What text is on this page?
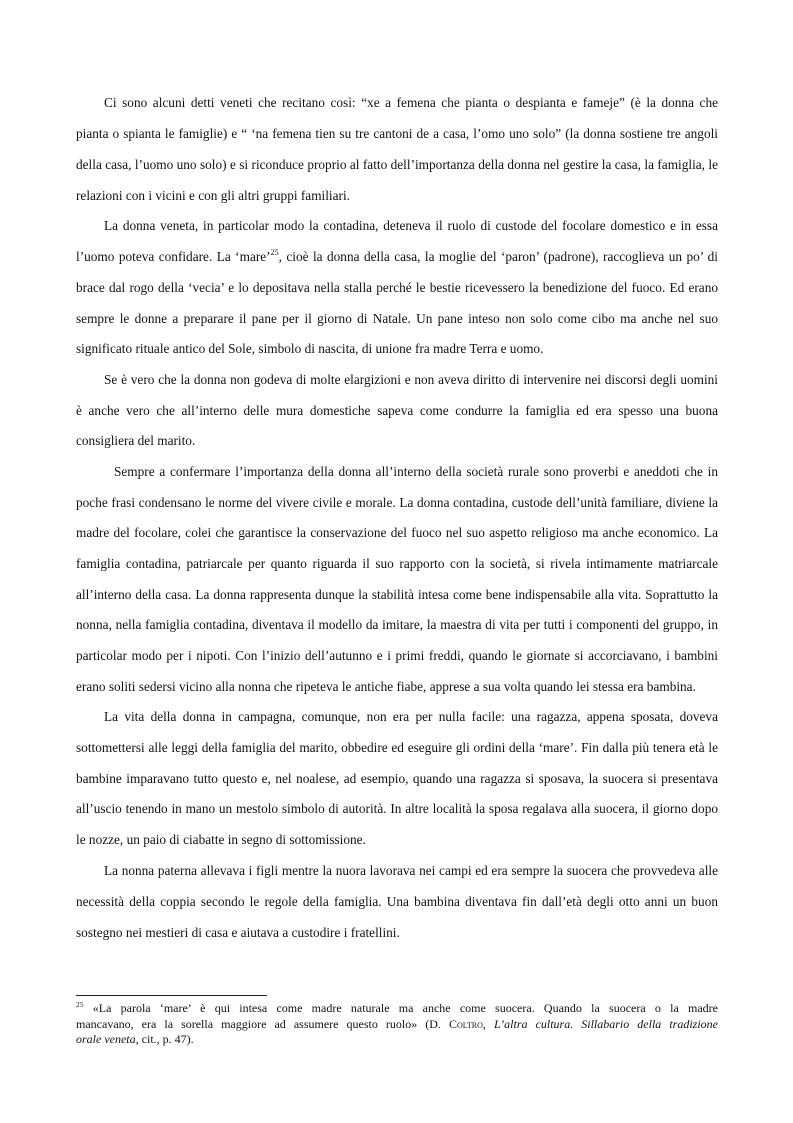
Ci sono alcuni detti veneti che recitano così: “xe a femena che pianta o despianta e fameje” (è la donna che
pianta o spianta le famiglie) e “ ‘na femena tien su tre cantoni de a casa, l’omo uno solo” (la donna sostiene tre angoli
della casa, l’uomo uno solo) e si riconduce proprio al fatto dell’importanza della donna nel gestire la casa, la famiglia, le
relazioni con i vicini e con gli altri gruppi familiari.
La donna veneta, in particolar modo la contadina, deteneva il ruolo di custode del focolare domestico e in essa
l’uomo poteva confidare. La ‘mare’$^{25}$, cioè la donna della casa, la moglie del ‘paron’ (padrone), raccoglieva un po’ di
brace dal rogo della ‘vecia’ e lo depositava nella stalla perché le bestie ricevessero la benedizione del fuoco. Ed erano
sempre le donne a preparare il pane per il giorno di Natale. Un pane inteso non solo come cibo ma anche nel suo
significato rituale antico del Sole, simbolo di nascita, di unione fra madre Terra e uomo.
Se è vero che la donna non godeva di molte elargizioni e non aveva diritto di intervenire nei discorsi degli uomini
è anche vero che all’interno delle mura domestiche sapeva come condurre la famiglia ed era spesso una buona
consigliera del marito.
Sempre a confermare l’importanza della donna all’interno della società rurale sono proverbi e aneddoti che in
poche frasi condensano le norme del vivere civile e morale. La donna contadina, custode dell’unità familiare, diviene la
madre del focolare, colei che garantisce la conservazione del fuoco nel suo aspetto religioso ma anche economico. La
famiglia contadina, patriarcale per quanto riguarda il suo rapporto con la società, si rivela intimamente matriarcale
all’interno della casa. La donna rappresenta dunque la stabilità intesa come bene indispensabile alla vita. Soprattutto la
nonna, nella famiglia contadina, diventava il modello da imitare, la maestra di vita per tutti i componenti del gruppo, in
particolar modo per i nipoti. Con l’inizio dell’autunno e i primi freddi, quando le giornate si accorciavano, i bambini
erano soliti sedersi vicino alla nonna che ripeteva le antiche fiabe, apprese a sua volta quando lei stessa era bambina.
La vita della donna in campagna, comunque, non era per nulla facile: una ragazza, appena sposata, doveva
sottomettersi alle leggi della famiglia del marito, obbedire ed eseguire gli ordini della ‘mare’. Fin dalla più tenera età le
bambine imparavano tutto questo e, nel noalese, ad esempio, quando una ragazza si sposava, la suocera si presentava
all’uscio tenendo in mano un mestolo simbolo di autorità. In altre località la sposa regalava alla suocera, il giorno dopo
le nozze, un paio di ciabatte in segno di sottomissione.
La nonna paterna allevava i figli mentre la nuora lavorava nei campi ed era sempre la suocera che provvedeva alle
necessità della coppia secondo le regole della famiglia. Una bambina diventava fin dall’età degli otto anni un buon
sostegno nei mestieri di casa e aiutava a custodire i fratellini.
$^{25}$ «La parola ‘mare’ è qui intesa come madre naturale ma anche come suocera. Quando la suocera o la madre
mancavano, era la sorella maggiore ad assumere questo ruolo» (D. Coltro, L’altra cultura. Sillabario della tradizione
orale veneta, cit., p. 47).
